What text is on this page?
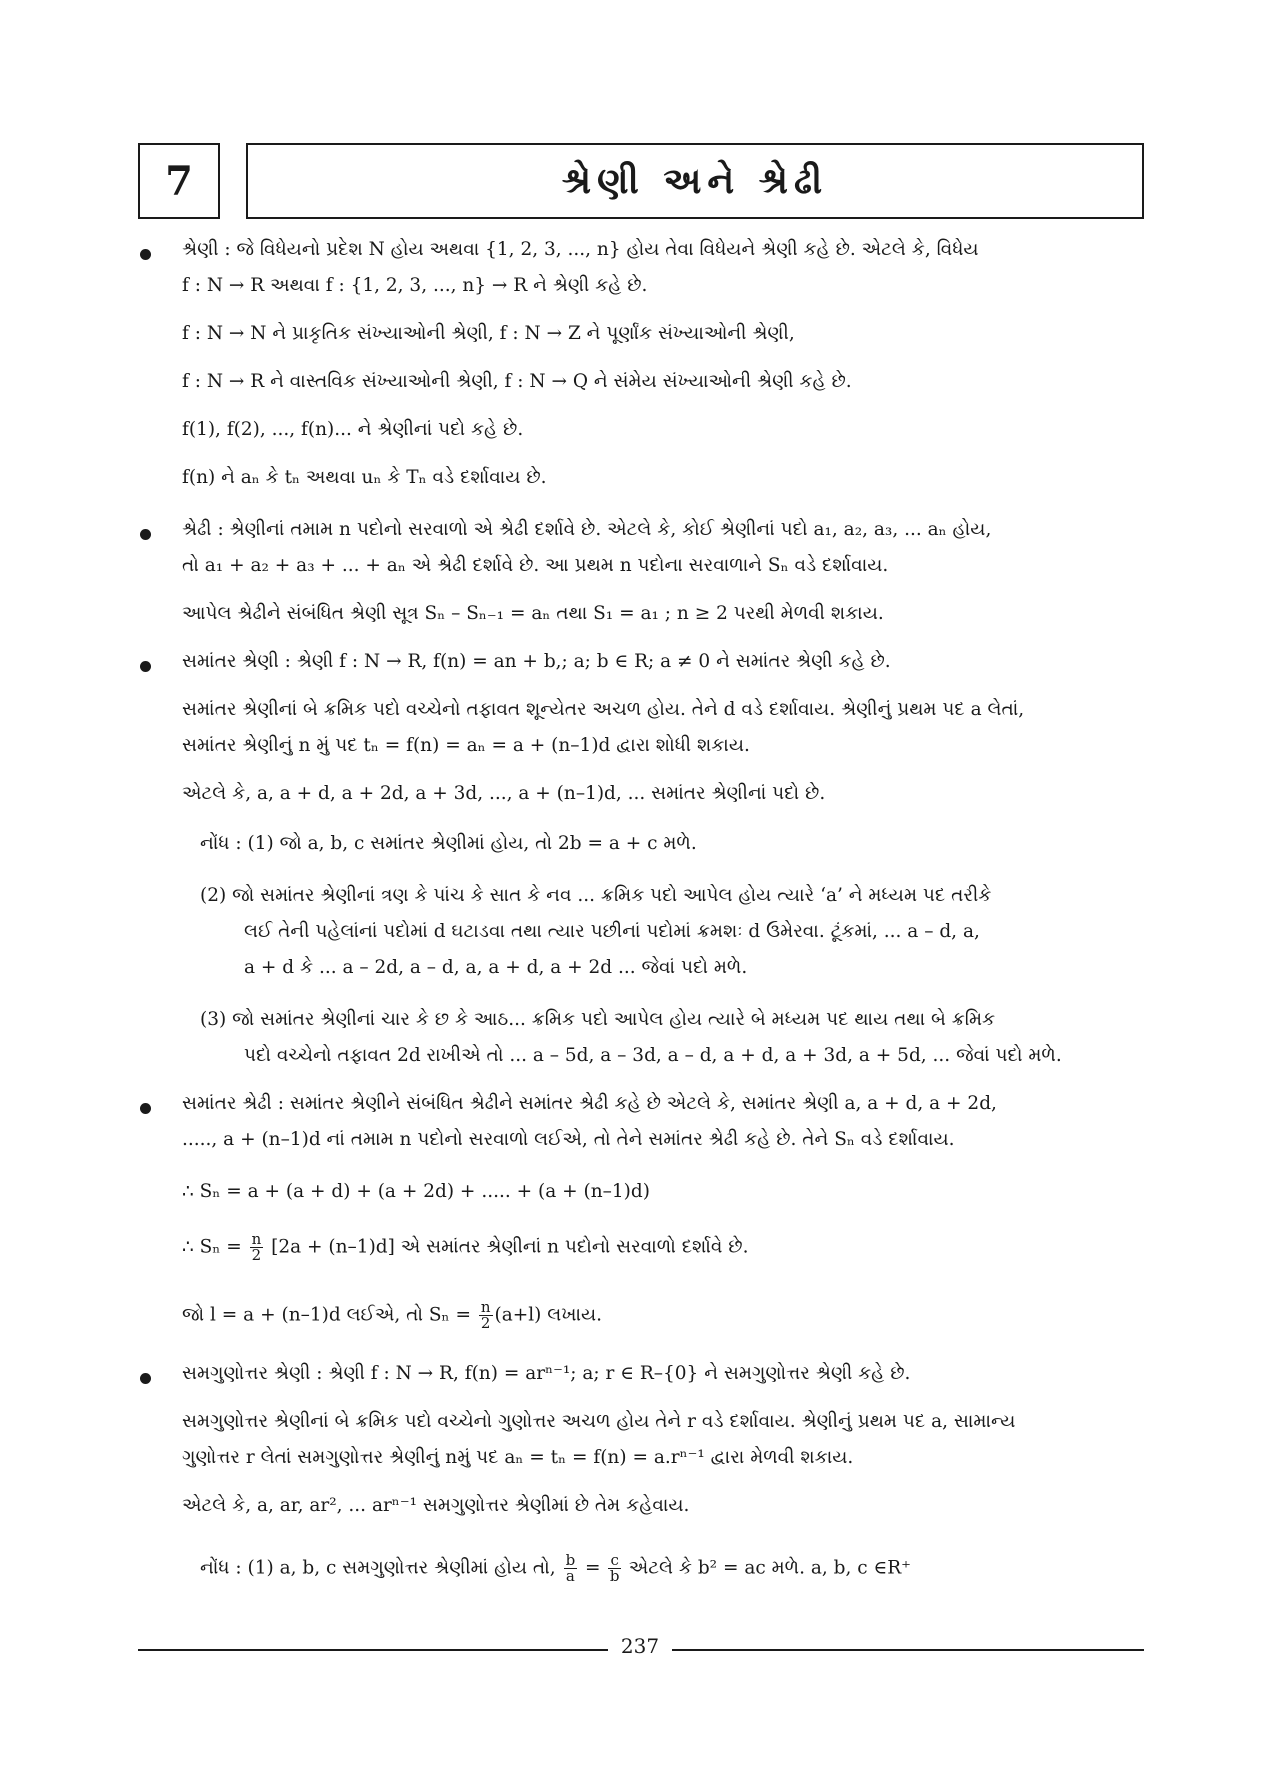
7	શ્રેણી અને શ્રેઢી
શ્રેણી : જે વિધેયનો પ્રદેશ N હોય અથવા {1, 2, 3, ..., n} હોય તેવા વિધેયને શ્રેણી કહે છે. એટલે કે, વિધેય
f : N → R અથવા f : {1, 2, 3, ..., n} → R ને શ્રેણી કહે છે.
f : N → N ને પ્રાકૃતિક સંખ્યાઓની શ્રેણી, f : N → Z ને પૂર્ણાંક સંખ્યાઓની શ્રેણી,
f : N → R ને વાસ્તવિક સંખ્યાઓની શ્રેણી, f : N → Q ને સંમેય સંખ્યાઓની શ્રેણી કહે છે.
f(1), f(2), ..., f(n)... ને શ્રેણીનાં પદો કહે છે.
f(n) ને aₙ કે tₙ અથવા uₙ કે Tₙ વડે દર્શાવાય છે.
શ્રેઢી : શ્રેણીનાં તમામ n પદોનો સરવાળો એ શ્રેઢી દર્શાવે છે. એટલે કે, કોઈ શ્રેણીનાં પદો a₁, a₂, a₃, ... aₙ હોય,
તો a₁ + a₂ + a₃ + ... + aₙ એ શ્રેઢી દર્શાવે છે. આ પ્રથમ n પદોના સરવાળાને Sₙ વડે દર્શાવાય.
આપેલ શ્રેઢીને સંબંધિત શ્રેણી સૂત્ર Sₙ – Sₙ₋₁ = aₙ તથા S₁ = a₁ ; n ≥ 2 પરથી મેળવી શકાય.
સમાંતર શ્રેણી : શ્રેણી f : N → R, f(n) = an + b,; a; b ∈ R; a ≠ 0 ને સમાંતર શ્રેણી કહે છે.
સમાંતર શ્રેણીનાં બે ક્રમિક પદો વચ્ચેનો તફાવત શૂન્યેતર અચળ હોય. તેને d વડે દર્શાવાય. શ્રેણીનું પ્રથમ પદ a લેતાં,
સમાંતર શ્રેણીનું n મું પદ tₙ = f(n) = aₙ = a + (n–1)d દ્વારા શોધી શકાય.
એટલે કે, a, a + d, a + 2d, a + 3d, ..., a + (n–1)d, ... સમાંતર શ્રેણીનાં પદો છે.
નોંધ : (1) જો a, b, c સમાંતર શ્રેણીમાં હોય, તો 2b = a + c મળે.
(2) જો સમાંતર શ્રેણીનાં ત્રણ કે પાંચ કે સાત કે નવ ... ક્રમિક પદો આપેલ હોય ત્યારે ‘a’ ને મધ્યમ પદ તરીકે
લઈ તેની પહેલાંનાં પદોમાં d ઘટાડવા તથા ત્યાર પછીનાં પદોમાં ક્રમશઃ d ઉમેરવા. ટૂંકમાં, ... a – d, a,
a + d કે ... a – 2d, a – d, a, a + d, a + 2d ... જેવાં પદો મળે.
(3) જો સમાંતર શ્રેણીનાં ચાર કે છ કે આઠ... ક્રમિક પદો આપેલ હોય ત્યારે બે મધ્યમ પદ થાય તથા બે ક્રમિક
પદો વચ્ચેનો તફાવત 2d રાખીએ તો ... a – 5d, a – 3d, a – d, a + d, a + 3d, a + 5d, ... જેવાં પદો મળે.
સમાંતર શ્રેઢી : સમાંતર શ્રેણીને સંબંધિત શ્રેઢીને સમાંતર શ્રેઢી કહે છે એટલે કે, સમાંતર શ્રેણી a, a + d, a + 2d,
....., a + (n–1)d નાં તમામ n પદોનો સરવાળો લઈએ, તો તેને સમાંતર શ્રેઢી કહે છે. તેને Sₙ વડે દર્શાવાય.
∴ Sₙ = a + (a + d) + (a + 2d) + ..... + (a + (n–1)d)
∴ $S_n = \frac{n}{2} [2a + (n-1)d]$ એ સમાંતર શ્રેણીનાં n પદોનો સરવાળો દર્શાવે છે.
જો l = a + (n–1)d લઈએ, તો $S_n = \frac{n}{2} (a+l)$ લખાય.
સમગુણોત્તર શ્રેણી : શ્રેણી f : N → R, f(n) = arⁿ⁻¹; a; r ∈ R–{0} ને સમગુણોત્તર શ્રેણી કહે છે.
સમગુણોત્તર શ્રેણીનાં બે ક્રમિક પદો વચ્ચેનો ગુણોત્તર અચળ હોય તેને r વડે દર્શાવાય. શ્રેણીનું પ્રથમ પદ a, સામાન્ય
ગુણોત્તર r લેતાં સમગુણોત્તર શ્રેણીનું nમું પદ aₙ = tₙ = f(n) = a.rⁿ⁻¹ દ્વારા મેળવી શકાય.
એટલે કે, a, ar, ar², ... arⁿ⁻¹ સમગુણોત્તર શ્રેણીમાં છે તેમ કહેવાય.
નોંધ : (1) a, b, c સમગુણોત્તર શ્રેણીમાં હોય તો, $\frac{b}{a} = \frac{c}{b}$ એટલે કે b² = ac મળે. a, b, c ∈R⁺
237
